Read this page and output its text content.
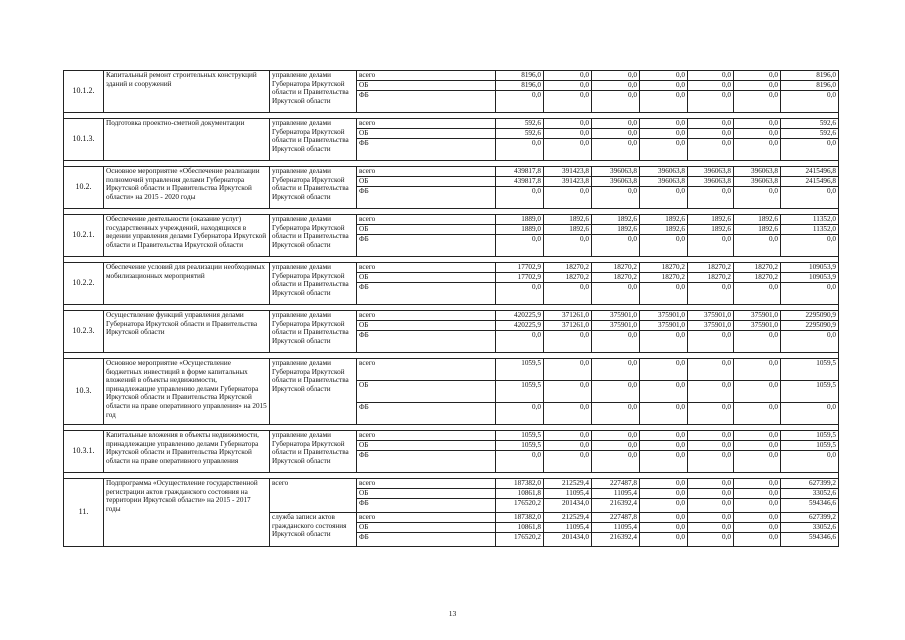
10.1.2.	Капитальный ремонт строительных конструкций зданий и сооружений	управление делами Губернатора Иркутской области и Правительства Иркутской области	всего	8196,0	0,0	0,0	0,0	0,0	0,0	8196,0
			ОБ	8196,0	0,0	0,0	0,0	0,0	0,0	8196,0
			ФБ	0,0	0,0	0,0	0,0	0,0	0,0	0,0

10.1.3.	Подготовка проектно-сметной документации	управление делами Губернатора Иркутской области и Правительства Иркутской области	всего	592,6	0,0	0,0	0,0	0,0	0,0	592,6
			ОБ	592,6	0,0	0,0	0,0	0,0	0,0	592,6
			ФБ	0,0	0,0	0,0	0,0	0,0	0,0	0,0

10.2.	Основное мероприятие «Обеспечение реализации полномочий управления делами Губернатора Иркутской области и Правительства Иркутской области» на 2015 - 2020 годы	управление делами Губернатора Иркутской области и Правительства Иркутской области	всего	439817,8	391423,8	396063,8	396063,8	396063,8	396063,8	2415496,8
			ОБ	439817,8	391423,8	396063,8	396063,8	396063,8	396063,8	2415496,8
			ФБ	0,0	0,0	0,0	0,0	0,0	0,0	0,0

10.2.1.	Обеспечение деятельности (оказание услуг) государственных учреждений, находящихся в ведении управления делами Губернатора Иркутской области и Правительства Иркутской области	управление делами Губернатора Иркутской области и Правительства Иркутской области	всего	1889,0	1892,6	1892,6	1892,6	1892,6	1892,6	11352,0
			ОБ	1889,0	1892,6	1892,6	1892,6	1892,6	1892,6	11352,0
			ФБ	0,0	0,0	0,0	0,0	0,0	0,0	0,0

10.2.2.	Обеспечение условий для реализации необходимых мобилизационных мероприятий	управление делами Губернатора Иркутской области и Правительства Иркутской области	всего	17702,9	18270,2	18270,2	18270,2	18270,2	18270,2	109053,9
			ОБ	17702,9	18270,2	18270,2	18270,2	18270,2	18270,2	109053,9
			ФБ	0,0	0,0	0,0	0,0	0,0	0,0	0,0

10.2.3.	Осуществление функций управления делами Губернатора Иркутской области и Правительства Иркутской области	управление делами Губернатора Иркутской области и Правительства Иркутской области	всего	420225,9	371261,0	375901,0	375901,0	375901,0	375901,0	2295090,9
			ОБ	420225,9	371261,0	375901,0	375901,0	375901,0	375901,0	2295090,9
			ФБ	0,0	0,0	0,0	0,0	0,0	0,0	0,0

10.3.	Основное мероприятие «Осуществление бюджетных инвестиций в форме капитальных вложений в объекты недвижимости, принадлежащие управлению делами Губернатора Иркутской области и Правительства Иркутской области на праве оперативного управления» на 2015 год	управление делами Губернатора Иркутской области и Правительства Иркутской области	всего	1059,5	0,0	0,0	0,0	0,0	0,0	1059,5
			ОБ	1059,5	0,0	0,0	0,0	0,0	0,0	1059,5
			ФБ	0,0	0,0	0,0	0,0	0,0	0,0	0,0

10.3.1.	Капитальные вложения в объекты недвижимости, принадлежащие управлению делами Губернатора Иркутской области и Правительства Иркутской области на праве оперативного управления	управление делами Губернатора Иркутской области и Правительства Иркутской области	всего	1059,5	0,0	0,0	0,0	0,0	0,0	1059,5
			ОБ	1059,5	0,0	0,0	0,0	0,0	0,0	1059,5
			ФБ	0,0	0,0	0,0	0,0	0,0	0,0	0,0

11.	Подпрограмма «Осуществление государственной регистрации актов гражданского состояния на территории Иркутской области» на 2015 - 2017 годы	всего	всего	187382,0	212529,4	227487,8	0,0	0,0	0,0	627399,2
			ОБ	10861,8	11095,4	11095,4	0,0	0,0	0,0	33052,6
			ФБ	176520,2	201434,0	216392,4	0,0	0,0	0,0	594346,6
		служба записи актов гражданского состояния Иркутской области	всего	187382,0	212529,4	227487,8	0,0	0,0	0,0	627399,2
			ОБ	10861,8	11095,4	11095,4	0,0	0,0	0,0	33052,6
			ФБ	176520,2	201434,0	216392,4	0,0	0,0	0,0	594346,6
13
